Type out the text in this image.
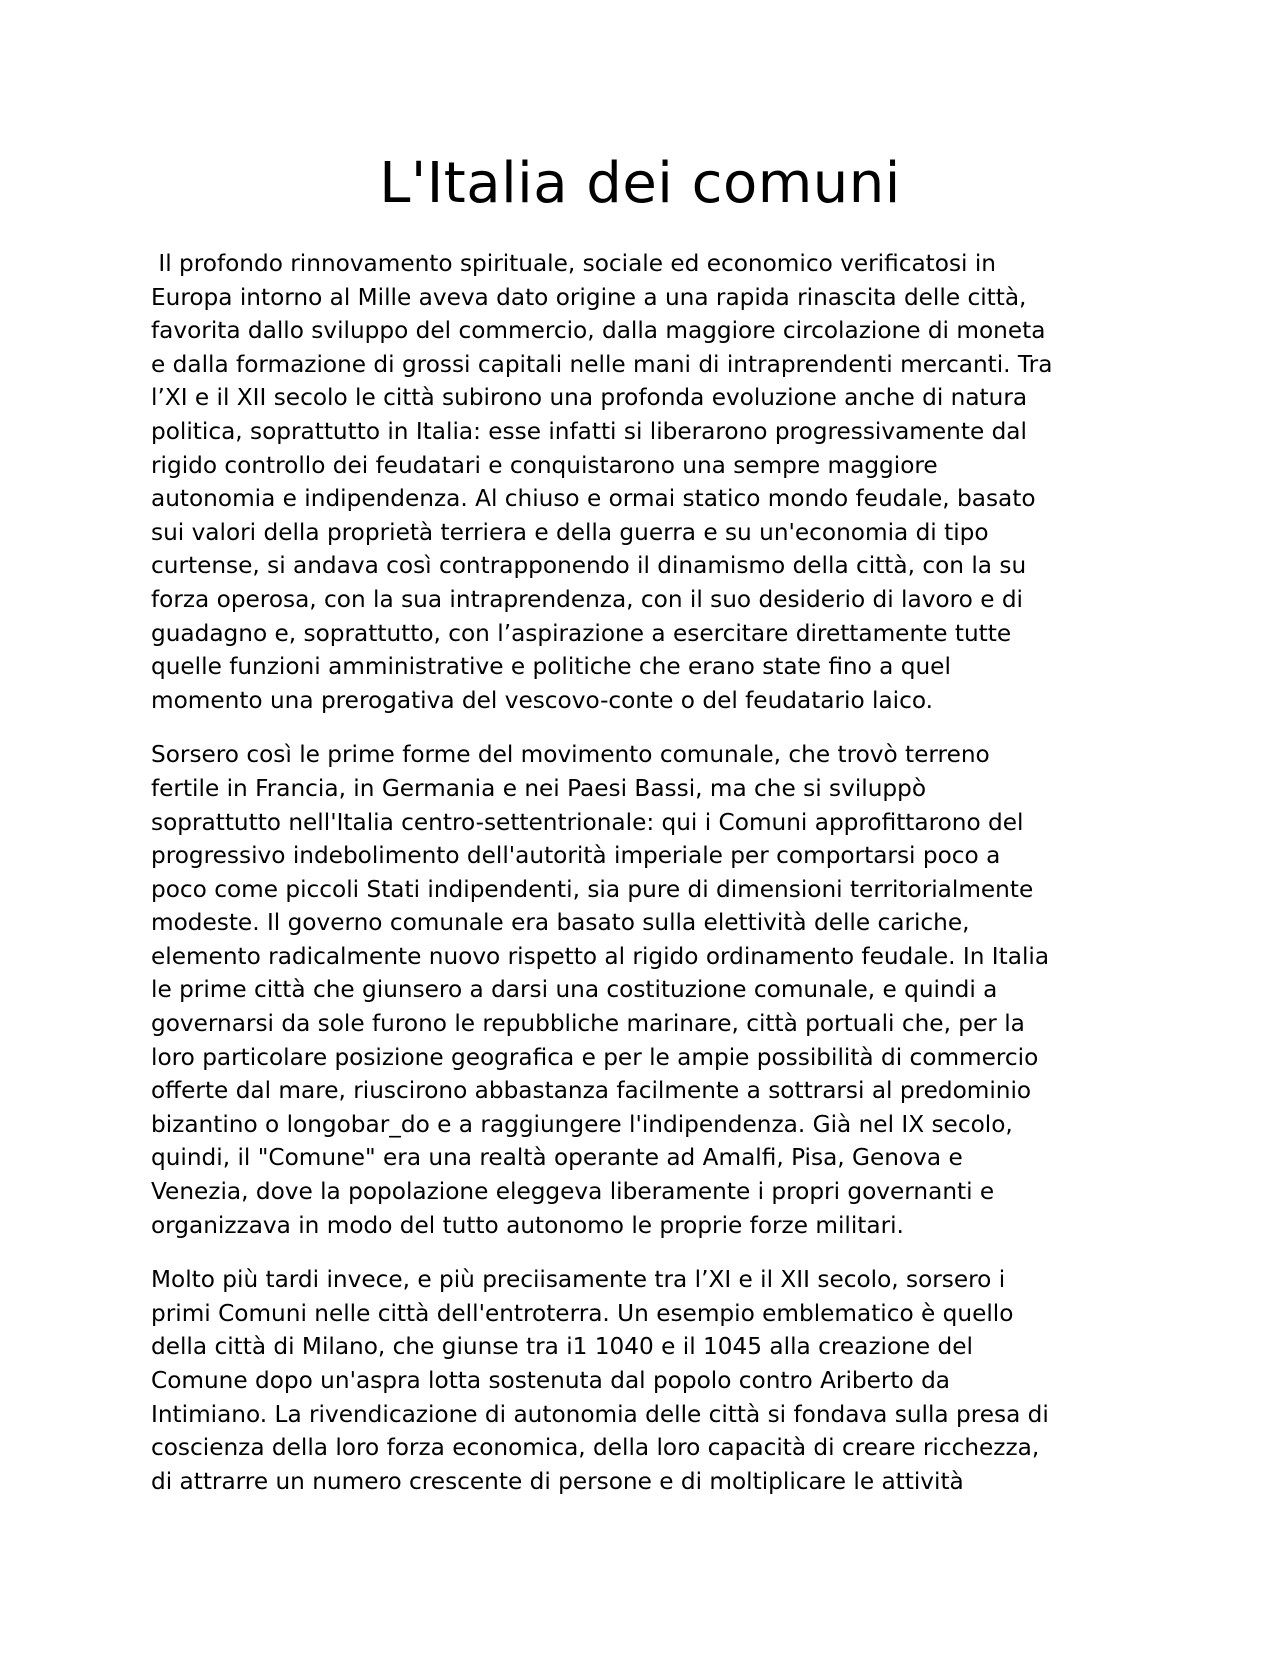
L'Italia dei comuni

Il profondo rinnovamento spirituale, sociale ed economico verificatosi in
Europa intorno al Mille aveva dato origine a una rapida rinascita delle città,
favorita dallo sviluppo del commercio, dalla maggiore circolazione di moneta
e dalla formazione di grossi capitali nelle mani di intraprendenti mercanti. Tra
l’XI e il XII secolo le città subirono una profonda evoluzione anche di natura
politica, soprattutto in Italia: esse infatti si liberarono progressivamente dal
rigido controllo dei feudatari e conquistarono una sempre maggiore
autonomia e indipendenza. Al chiuso e ormai statico mondo feudale, basato
sui valori della proprietà terriera e della guerra e su un'economia di tipo
curtense, si andava così contrapponendo il dinamismo della città, con la su
forza operosa, con la sua intraprendenza, con il suo desiderio di lavoro e di
guadagno e, soprattutto, con l’aspirazione a esercitare direttamente tutte
quelle funzioni amministrative e politiche che erano state fino a quel
momento una prerogativa del vescovo-conte o del feudatario laico.

Sorsero così le prime forme del movimento comunale, che trovò terreno
fertile in Francia, in Germania e nei Paesi Bassi, ma che si sviluppò
soprattutto nell'Italia centro-settentrionale: qui i Comuni approfittarono del
progressivo indebolimento dell'autorità imperiale per comportarsi poco a
poco come piccoli Stati indipendenti, sia pure di dimensioni territorialmente
modeste. Il governo comunale era basato sulla elettività delle cariche,
elemento radicalmente nuovo rispetto al rigido ordinamento feudale. In Italia
le prime città che giunsero a darsi una costituzione comunale, e quindi a
governarsi da sole furono le repubbliche marinare, città portuali che, per la
loro particolare posizione geografica e per le ampie possibilità di commercio
offerte dal mare, riuscirono abbastanza facilmente a sottrarsi al predominio
bizantino o longobar_do e a raggiungere l'indipendenza. Già nel IX secolo,
quindi, il "Comune" era una realtà operante ad Amalfi, Pisa, Genova e
Venezia, dove la popolazione eleggeva liberamente i propri governanti e
organizzava in modo del tutto autonomo le proprie forze militari.

Molto più tardi invece, e più preciisamente tra l’XI e il XII secolo, sorsero i
primi Comuni nelle città dell'entroterra. Un esempio emblematico è quello
della città di Milano, che giunse tra i1 1040 e il 1045 alla creazione del
Comune dopo un'aspra lotta sostenuta dal popolo contro Ariberto da
Intimiano. La rivendicazione di autonomia delle città si fondava sulla presa di
coscienza della loro forza economica, della loro capacità di creare ricchezza,
di attrarre un numero crescente di persone e di moltiplicare le attività
